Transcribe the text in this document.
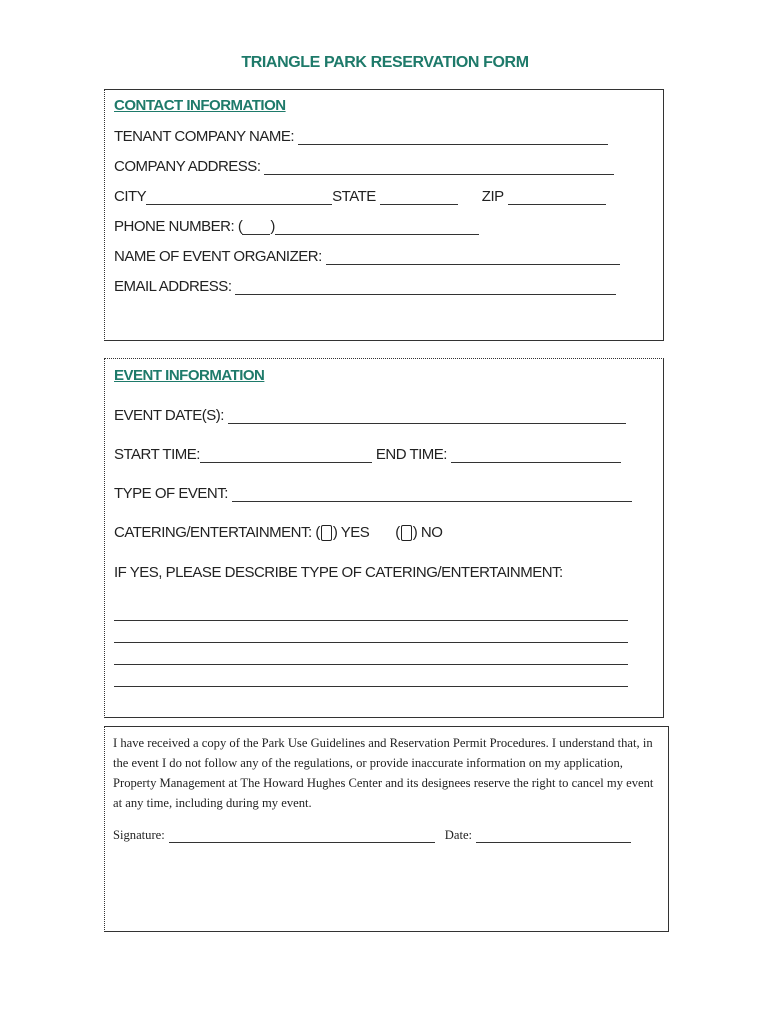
TRIANGLE PARK RESERVATION FORM
CONTACT INFORMATION
TENANT COMPANY NAME:
COMPANY ADDRESS:
CITY	STATE	ZIP
PHONE NUMBER: ( )
NAME OF EVENT ORGANIZER:
EMAIL ADDRESS:
EVENT INFORMATION
EVENT DATE(S):
START TIME:	END TIME:
TYPE OF EVENT:
CATERING/ENTERTAINMENT: ( ) YES ( ) NO
IF YES, PLEASE DESCRIBE TYPE OF CATERING/ENTERTAINMENT:
I have received a copy of the Park Use Guidelines and Reservation Permit Procedures. I understand that, in the event I do not follow any of the regulations, or provide inaccurate information on my application, Property Management at The Howard Hughes Center and its designees reserve the right to cancel my event at any time, including during my event.
Signature:	Date:
